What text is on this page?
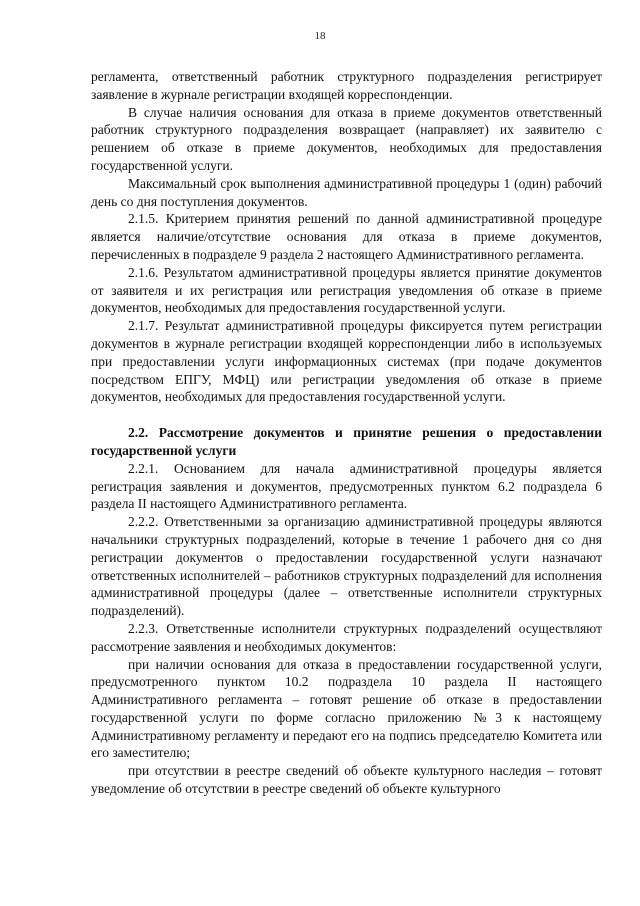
18

регламента, ответственный работник структурного подразделения регистрирует заявление в журнале регистрации входящей корреспонденции.

В случае наличия основания для отказа в приеме документов ответственный работник структурного подразделения возвращает (направляет) их заявителю с решением об отказе в приеме документов, необходимых для предоставления государственной услуги.

Максимальный срок выполнения административной процедуры 1 (один) рабочий день со дня поступления документов.

2.1.5. Критерием принятия решений по данной административной процедуре является наличие/отсутствие основания для отказа в приеме документов, перечисленных в подразделе 9 раздела 2 настоящего Административного регламента.

2.1.6. Результатом административной процедуры является принятие документов от заявителя и их регистрация или регистрация уведомления об отказе в приеме документов, необходимых для предоставления государственной услуги.

2.1.7. Результат административной процедуры фиксируется путем регистрации документов в журнале регистрации входящей корреспонденции либо в используемых при предоставлении услуги информационных системах (при подаче документов посредством ЕПГУ, МФЦ) или регистрации уведомления об отказе в приеме документов, необходимых для предоставления государственной услуги.

2.2. Рассмотрение документов и принятие решения о предоставлении государственной услуги

2.2.1. Основанием для начала административной процедуры является регистрация заявления и документов, предусмотренных пунктом 6.2 подраздела 6 раздела II настоящего Административного регламента.

2.2.2. Ответственными за организацию административной процедуры являются начальники структурных подразделений, которые в течение 1 рабочего дня со дня регистрации документов о предоставлении государственной услуги назначают ответственных исполнителей – работников структурных подразделений для исполнения административной процедуры (далее – ответственные исполнители структурных подразделений).

2.2.3. Ответственные исполнители структурных подразделений осуществляют рассмотрение заявления и необходимых документов:

при наличии основания для отказа в предоставлении государственной услуги, предусмотренного пунктом 10.2 подраздела 10 раздела II настоящего Административного регламента – готовят решение об отказе в предоставлении государственной услуги по форме согласно приложению №3 к настоящему Административному регламенту и передают его на подпись председателю Комитета или его заместителю;

при отсутствии в реестре сведений об объекте культурного наследия – готовят уведомление об отсутствии в реестре сведений об объекте культурного
